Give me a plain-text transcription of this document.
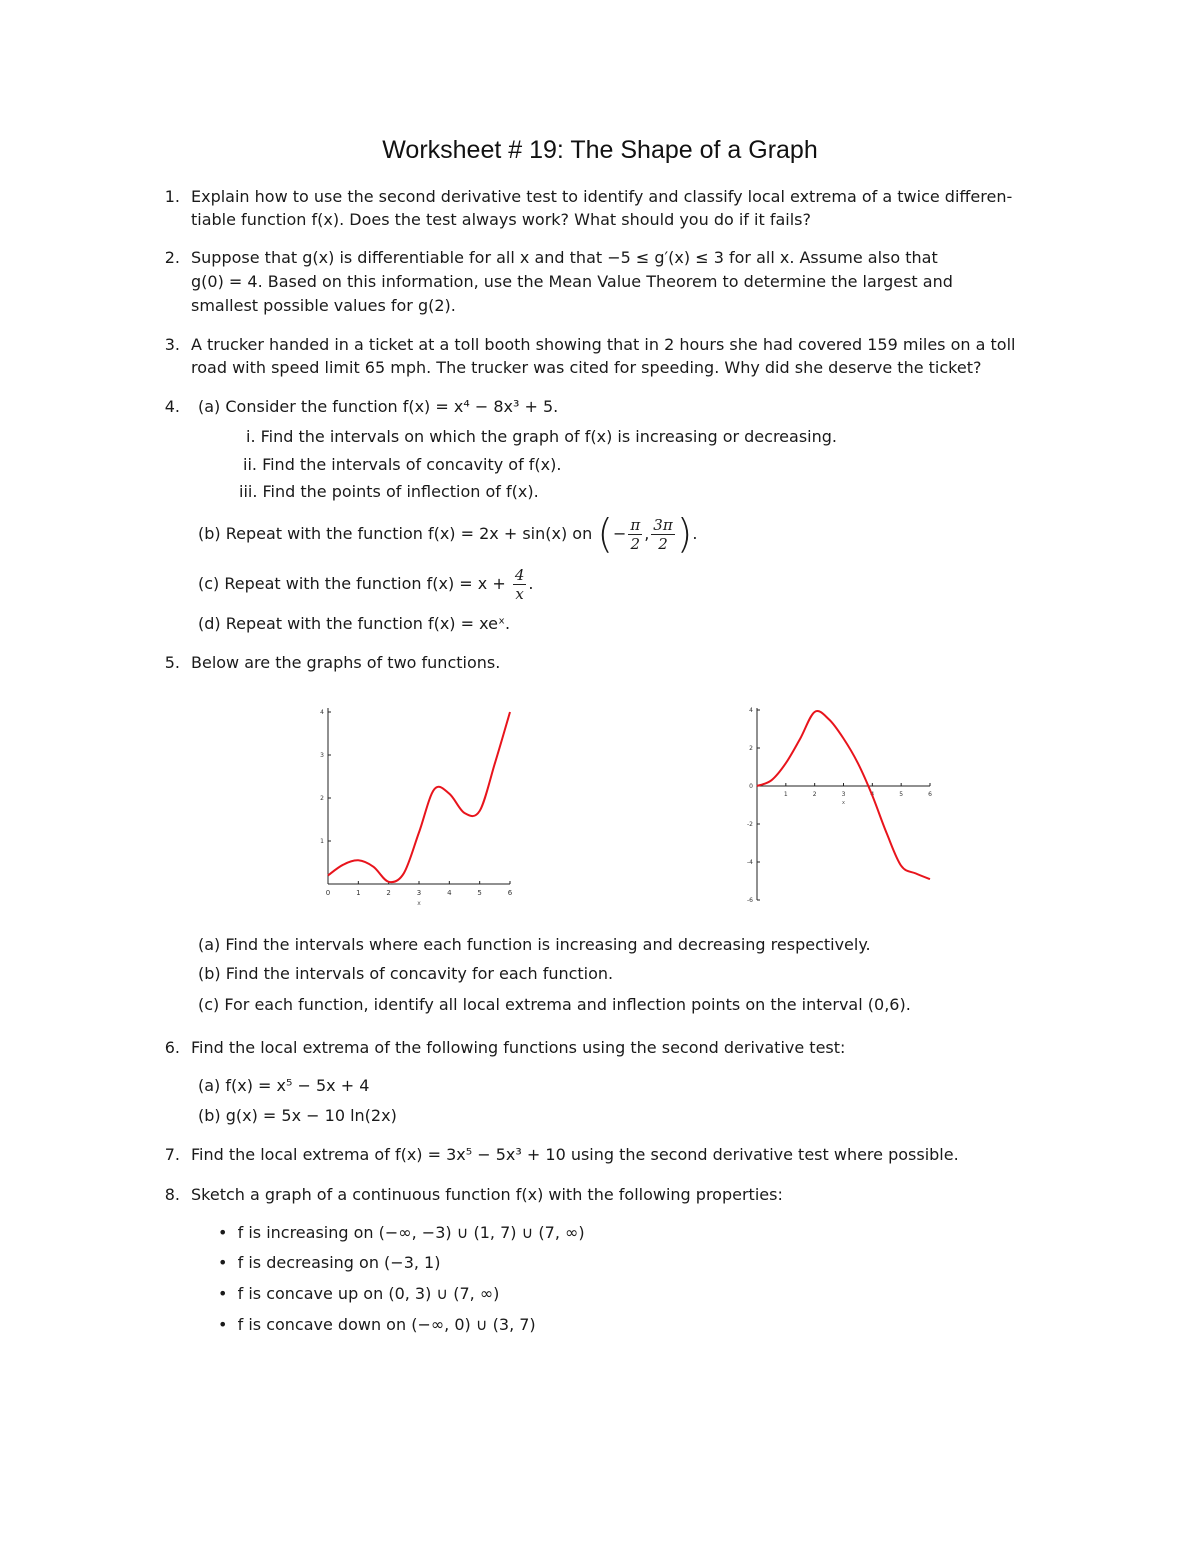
Worksheet # 19: The Shape of a Graph
1. Explain how to use the second derivative test to identify and classify local extrema of a twice differen-
tiable function f(x). Does the test always work? What should you do if it fails?
2. Suppose that g(x) is differentiable for all x and that −5 ≤ g′(x) ≤ 3 for all x. Assume also that
g(0) = 4. Based on this information, use the Mean Value Theorem to determine the largest and
smallest possible values for g(2).
3. A trucker handed in a ticket at a toll booth showing that in 2 hours she had covered 159 miles on a toll
road with speed limit 65 mph. The trucker was cited for speeding. Why did she deserve the ticket?
4. (a) Consider the function f(x) = x⁴ − 8x³ + 5.
i. Find the intervals on which the graph of f(x) is increasing or decreasing.
ii. Find the intervals of concavity of f(x).
iii. Find the points of inflection of f(x).
(b) Repeat with the function f(x) = 2x + sin(x) on (− $\frac{\pi}{2}$ , $\frac{3\pi}{2}$ ).
(c) Repeat with the function $f(x) = x + \frac{4}{x}$ .
(d) Repeat with the function f(x) = xeˣ.
5. Below are the graphs of two functions.
0	1	2	3	4	5	6
x
1
2
3
4
1	2	3	4	5	6
x
4
2
0
-2
-4
-6
(a) Find the intervals where each function is increasing and decreasing respectively.
(b) Find the intervals of concavity for each function.
(c) For each function, identify all local extrema and inflection points on the interval (0,6).
6. Find the local extrema of the following functions using the second derivative test:
(a) f(x) = x⁵ − 5x + 4
(b) g(x) = 5x − 10 ln(2x)
7. Find the local extrema of f(x) = 3x⁵ − 5x³ + 10 using the second derivative test where possible.
8. Sketch a graph of a continuous function f(x) with the following properties:
• f is increasing on (−∞, −3) ∪ (1, 7) ∪ (7, ∞)
• f is decreasing on (−3, 1)
• f is concave up on (0, 3) ∪ (7, ∞)
• f is concave down on (−∞, 0) ∪ (3, 7)
